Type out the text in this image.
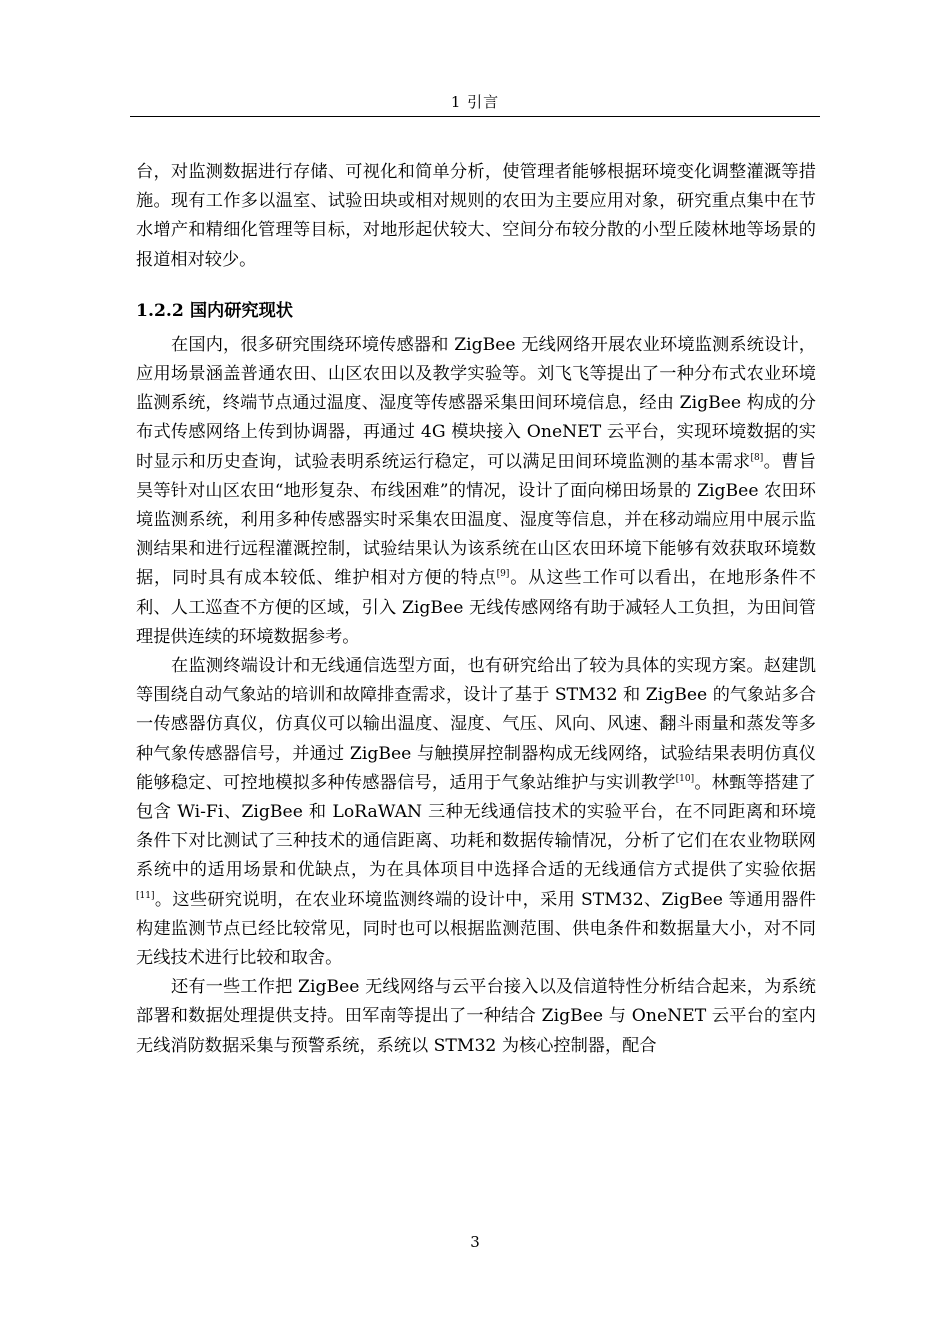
1 引言

台，对监测数据进行存储、可视化和简单分析，使管理者能够根据环境变化调整灌溉等措施。现有工作多以温室、试验田块或相对规则的农田为主要应用对象，研究重点集中在节水增产和精细化管理等目标，对地形起伏较大、空间分布较分散的小型丘陵林地等场景的报道相对较少。

1.2.2 国内研究现状

在国内，很多研究围绕环境传感器和 ZigBee 无线网络开展农业环境监测系统设计，应用场景涵盖普通农田、山区农田以及教学实验等。刘飞飞等提出了一种分布式农业环境监测系统，终端节点通过温度、湿度等传感器采集田间环境信息，经由 ZigBee 构成的分布式传感网络上传到协调器，再通过 4G 模块接入 OneNET 云平台，实现环境数据的实时显示和历史查询，试验表明系统运行稳定，可以满足田间环境监测的基本需求[8]。曹旨昊等针对山区农田“地形复杂、布线困难”的情况，设计了面向梯田场景的 ZigBee 农田环境监测系统，利用多种传感器实时采集农田温度、湿度等信息，并在移动端应用中展示监测结果和进行远程灌溉控制，试验结果认为该系统在山区农田环境下能够有效获取环境数据，同时具有成本较低、维护相对方便的特点[9]。从这些工作可以看出，在地形条件不利、人工巡查不方便的区域，引入 ZigBee 无线传感网络有助于减轻人工负担，为田间管理提供连续的环境数据参考。

在监测终端设计和无线通信选型方面，也有研究给出了较为具体的实现方案。赵建凯等围绕自动气象站的培训和故障排查需求，设计了基于 STM32 和 ZigBee 的气象站多合一传感器仿真仪，仿真仪可以输出温度、湿度、气压、风向、风速、翻斗雨量和蒸发等多种气象传感器信号，并通过 ZigBee 与触摸屏控制器构成无线网络，试验结果表明仿真仪能够稳定、可控地模拟多种传感器信号，适用于气象站维护与实训教学[10]。林甄等搭建了包含 Wi-Fi、ZigBee 和 LoRaWAN 三种无线通信技术的实验平台，在不同距离和环境条件下对比测试了三种技术的通信距离、功耗和数据传输情况，分析了它们在农业物联网系统中的适用场景和优缺点，为在具体项目中选择合适的无线通信方式提供了实验依据[11]。这些研究说明，在农业环境监测终端的设计中，采用 STM32、ZigBee 等通用器件构建监测节点已经比较常见，同时也可以根据监测范围、供电条件和数据量大小，对不同无线技术进行比较和取舍。

还有一些工作把 ZigBee 无线网络与云平台接入以及信道特性分析结合起来，为系统部署和数据处理提供支持。田军南等提出了一种结合 ZigBee 与 OneNET 云平台的室内无线消防数据采集与预警系统，系统以 STM32 为核心控制器，配合

3
